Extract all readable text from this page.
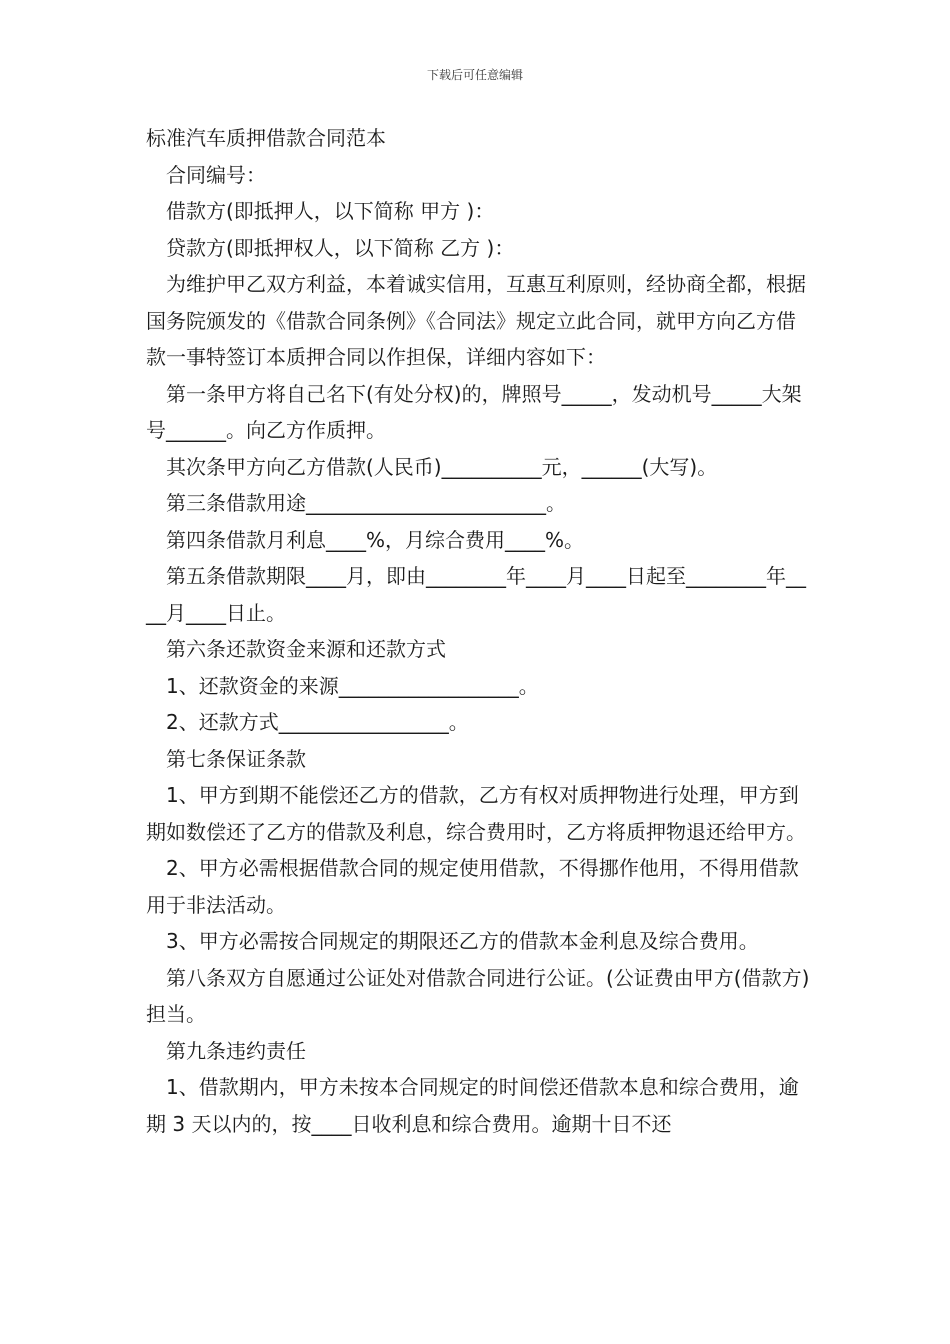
下载后可任意编辑

标准汽车质押借款合同范本

合同编号：

借款方(即抵押人，以下简称 甲方 )：

贷款方(即抵押权人，以下简称 乙方 )：

为维护甲乙双方利益，本着诚实信用，互惠互利原则，经协商全都，根据国务院颁发的《借款合同条例》《合同法》规定立此合同，就甲方向乙方借款一事特签订本质押合同以作担保，详细内容如下：

第一条甲方将自己名下(有处分权)的，牌照号_____，发动机号_____大架号______。向乙方作质押。

其次条甲方向乙方借款(人民币)__________元，______(大写)。

第三条借款用途________________________。

第四条借款月利息____%，月综合费用____%。

第五条借款期限____月，即由________年____月____日起至________年____月____日止。

第六条还款资金来源和还款方式

1、还款资金的来源__________________。

2、还款方式_________________。

第七条保证条款

1、甲方到期不能偿还乙方的借款，乙方有权对质押物进行处理，甲方到期如数偿还了乙方的借款及利息，综合费用时，乙方将质押物退还给甲方。

2、甲方必需根据借款合同的规定使用借款，不得挪作他用，不得用借款用于非法活动。

3、甲方必需按合同规定的期限还乙方的借款本金利息及综合费用。

第八条双方自愿通过公证处对借款合同进行公证。(公证费由甲方(借款方)担当。

第九条违约责任

1、借款期内，甲方未按本合同规定的时间偿还借款本息和综合费用，逾期 3 天以内的，按____日收利息和综合费用。逾期十日不还
